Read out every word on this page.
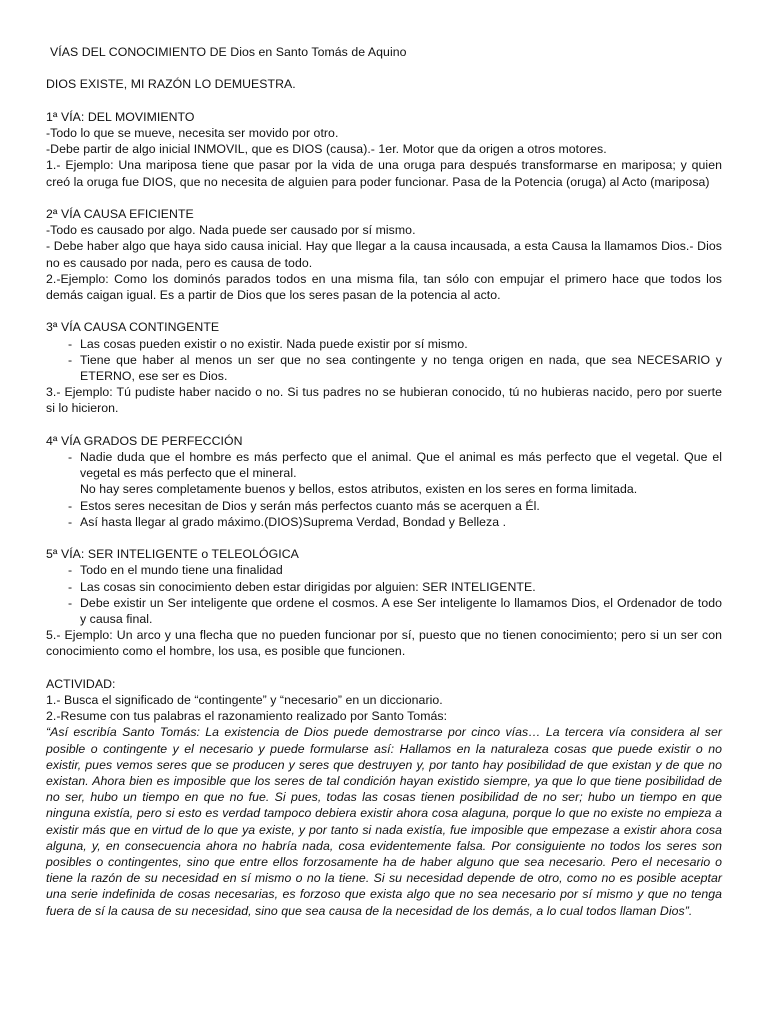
VÍAS DEL CONOCIMIENTO DE Dios en Santo Tomás de Aquino

DIOS EXISTE, MI RAZÓN LO DEMUESTRA.

1ª VÍA: DEL MOVIMIENTO

-Todo lo que se mueve, necesita ser movido por otro.

-Debe partir de algo inicial INMOVIL, que es DIOS (causa).- 1er. Motor que da origen a otros motores.

1.- Ejemplo: Una mariposa tiene que pasar por la vida de una oruga para después transformarse en mariposa; y quien creó la oruga fue DIOS, que no necesita de alguien para poder funcionar. Pasa de la Potencia (oruga) al Acto (mariposa)

2ª VÍA CAUSA EFICIENTE

-Todo es causado por algo. Nada puede ser causado por sí mismo.

- Debe haber algo que haya sido causa inicial. Hay que llegar a la causa incausada, a esta Causa la llamamos Dios.- Dios no es causado por nada, pero es causa de todo.

2.-Ejemplo: Como los dominós parados todos en una misma fila, tan sólo con empujar el primero hace que todos los demás caigan igual. Es a partir de Dios que los seres pasan de la potencia al acto.

3ª VÍA CAUSA CONTINGENTE

- Las cosas pueden existir o no existir. Nada puede existir por sí mismo.
- Tiene que haber al menos un ser que no sea contingente y no tenga origen en nada, que sea NECESARIO y ETERNO, ese ser es Dios.

3.- Ejemplo: Tú pudiste haber nacido o no. Si tus padres no se hubieran conocido, tú no hubieras nacido, pero por suerte si lo hicieron.

4ª VÍA GRADOS DE PERFECCIÓN

- Nadie duda que el hombre es más perfecto que el animal. Que el animal es más perfecto que el vegetal. Que el vegetal es más perfecto que el mineral.

No hay seres completamente buenos y bellos, estos atributos, existen en los seres en forma limitada.

- Estos seres necesitan de Dios y serán más perfectos cuanto más se acerquen a Él.
- Así hasta llegar al grado máximo.(DIOS)Suprema Verdad, Bondad y Belleza .

5ª VÍA: SER INTELIGENTE o TELEOLÓGICA

- Todo en el mundo tiene una finalidad
- Las cosas sin conocimiento deben estar dirigidas por alguien: SER INTELIGENTE.
- Debe existir un Ser inteligente que ordene el cosmos. A ese Ser inteligente lo llamamos Dios, el Ordenador de todo y causa final.

5.- Ejemplo: Un arco y una flecha que no pueden funcionar por sí, puesto que no tienen conocimiento; pero si un ser con conocimiento como el hombre, los usa, es posible que funcionen.

ACTIVIDAD:

1.- Busca el significado de “contingente” y “necesario” en un diccionario.

2.-Resume con tus palabras el razonamiento realizado por Santo Tomás:

“Así escribía Santo Tomás: La existencia de Dios puede demostrarse por cinco vías… La tercera vía considera al ser posible o contingente y el necesario y puede formularse así: Hallamos en la naturaleza cosas que puede existir o no existir, pues vemos seres que se producen y seres que destruyen y, por tanto hay posibilidad de que existan y de que no existan. Ahora bien es imposible que los seres de tal condición hayan existido siempre, ya que lo que tiene posibilidad de no ser, hubo un tiempo en que no fue. Si pues, todas las cosas tienen posibilidad de no ser; hubo un tiempo en que ninguna existía, pero si esto es verdad tampoco debiera existir ahora cosa alaguna, porque lo que no existe no empieza a existir más que en virtud de lo que ya existe, y por tanto si nada existía, fue imposible que empezase a existir ahora cosa alguna, y, en consecuencia ahora no habría nada, cosa evidentemente falsa. Por consiguiente no todos los seres son posibles o contingentes, sino que entre ellos forzosamente ha de haber alguno que sea necesario. Pero el necesario o tiene la razón de su necesidad en sí mismo o no la tiene. Si su necesidad depende de otro, como no es posible aceptar una serie indefinida de cosas necesarias, es forzoso que exista algo que no sea necesario por sí mismo y que no tenga fuera de sí la causa de su necesidad, sino que sea causa de la necesidad de los demás, a lo cual todos llaman Dios”.
